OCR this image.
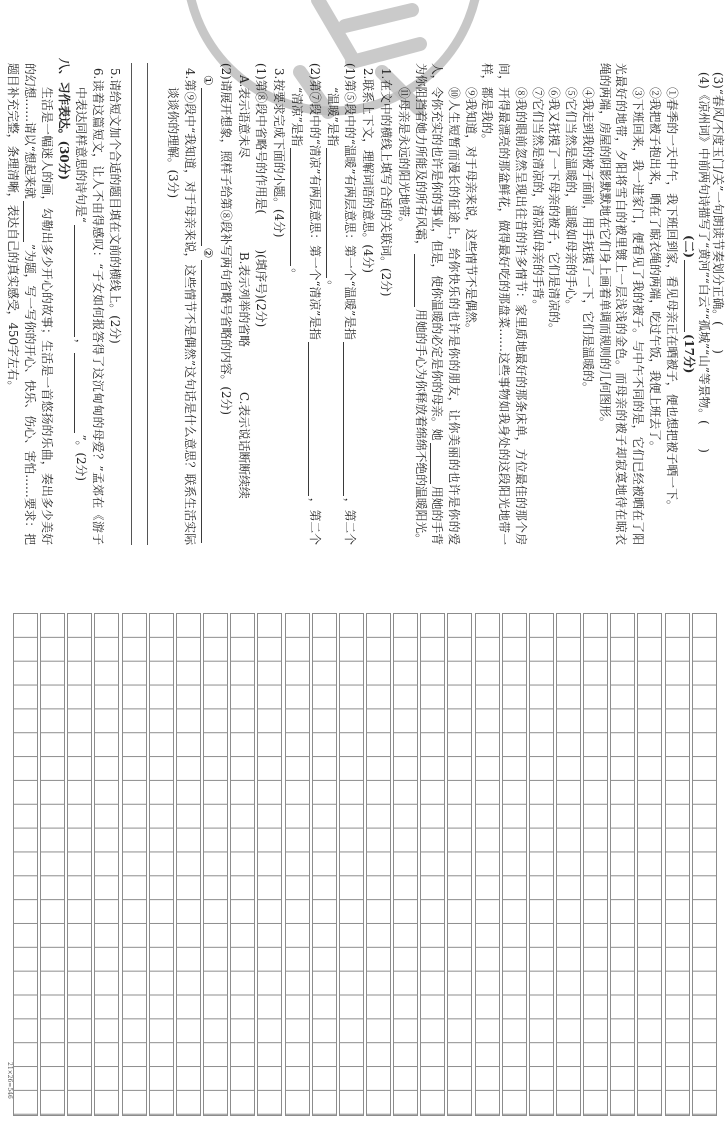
(3)“春风/不度玉门/关”一句朗读节奏划分正确。(　　)
(4)《凉州词》中前两句诗描写了“黄河”“白云”“孤城”“山”等景物。(　　)
(二)
(17分)
①春季的一天中午，我下班回到家，看见母亲正在晒被子，便也想把被子晒一下。
②我把被子抱出来，晒在了晾衣绳的两端，吃过午饭，我便上班去了。
③下班回来，我一进家门，便看见了我的被子。与中午不同的是，它们已经被晒在了阳
光最好的地带，夕阳将雪白的被里镀上一层浅浅的金色。而母亲的被子却寂寞地待在晾衣
绳的两端，房屋的阴影默默地在它们身上画着单调而规则的几何图形。
④我走到我的被子面前，用手抚摸了一下，它们是温暖的。
⑤它们当然是温暖的，温暖如母亲的手心。
⑥我又抚摸了一下母亲的被子，它们是清凉的。
⑦它们当然是清凉的，清凉如母亲的手背。
⑧我的眼前忽然呈现出往昔的许多情节：家里质地最好的那条床单，方位最佳的那个房
间，开得最漂亮的那盆鲜花，做得最好吃的那盘菜……这些事物如我身处的这段阳光地带一
样，都是我的。
⑨我知道，对于母亲来说，这些情节不是偶然。
⑩人生短暂而漫长的征途上，给你快乐的也许是你的朋友，让你美丽的也许是你的爱
人，令你充实的也许是你的事业，但是，使你温暖的必定是你的母亲。她
用她的手背
为你阻挡着她力所能及的所有风霜，
用她的手心为你释放着绵绵不绝的温暖阳光。
⑪母亲是永远的阳光地带。
1.在文中的横线上填写合适的关联词。(2分)
2.联系上下文，理解词语的意思。(4分)
(1)第⑤段中的“温暖”有两层意思：第一个“温暖”是指
，第二个
“温暖”是指
。
(2)第⑦段中的“清凉”有两层意思：第一个“清凉”是指
，第二个
“清凉”是指
。
3.按要求完成下面的小题。(4分)
(1)第⑧段中省略号的作用是(　　　)(填序号)(2分)
A.表示语意未尽
B.表示列举的省略
C.表示说话断断续续
(2)请展开想象，照样子给第⑧段补写两句省略号省略的内容。(2分)
①
②
4.第⑨段中“我知道，对于母亲来说，这些情节不是偶然”这句话是什么意思？联系生活实际
谈谈你的理解。(3分)
5.请给短文加个合适的题目填在文前的横线上。(2分)
6.读着这篇短文，让人不由得感叹：“子女如何报答得了这沉甸甸的母爱？”孟郊在《游子
中表达同样意思的诗句是“
，
”。(2分)
八、习作表达。(30分)
生活是一幅迷人的画，勾勒出多少开心的故事；生活是一首悠扬的乐曲，奏出多少美好
的幻想……请以“想起来就
”为题，写一写你的开心、快乐、伤心、害怕……要求：把
题目补充完整，条理清晰，表达自己的真实感受，450字左右。
21×26=546
